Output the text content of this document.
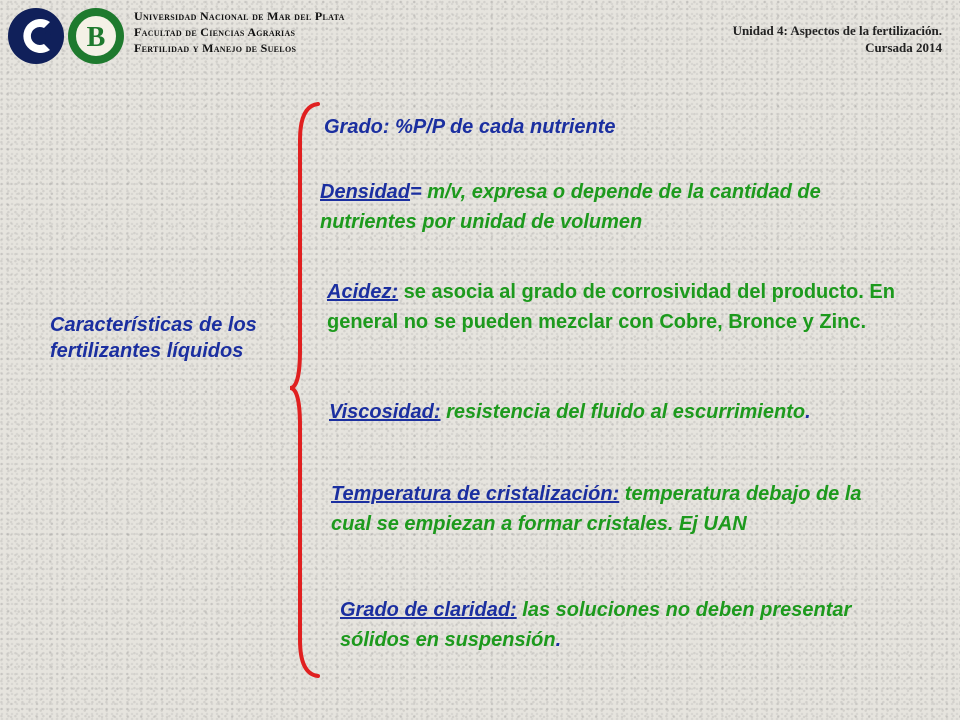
B
Universidad Nacional de Mar del Plata
Facultad de Ciencias Agrarias
Fertilidad y Manejo de Suelos
Unidad 4: Aspectos de la fertilización.
Cursada 2014
Características de los fertilizantes líquidos
Grado: %P/P de cada nutriente
Densidad= m/v, expresa o depende de la cantidad de nutrientes por unidad de volumen
Acidez: se asocia al grado de corrosividad del producto. En general no se pueden mezclar con Cobre, Bronce y Zinc.
Viscosidad: resistencia del fluido al escurrimiento.
Temperatura de cristalización: temperatura debajo de la cual se empiezan a formar cristales. Ej UAN
Grado de claridad: las soluciones no deben presentar sólidos en suspensión.
